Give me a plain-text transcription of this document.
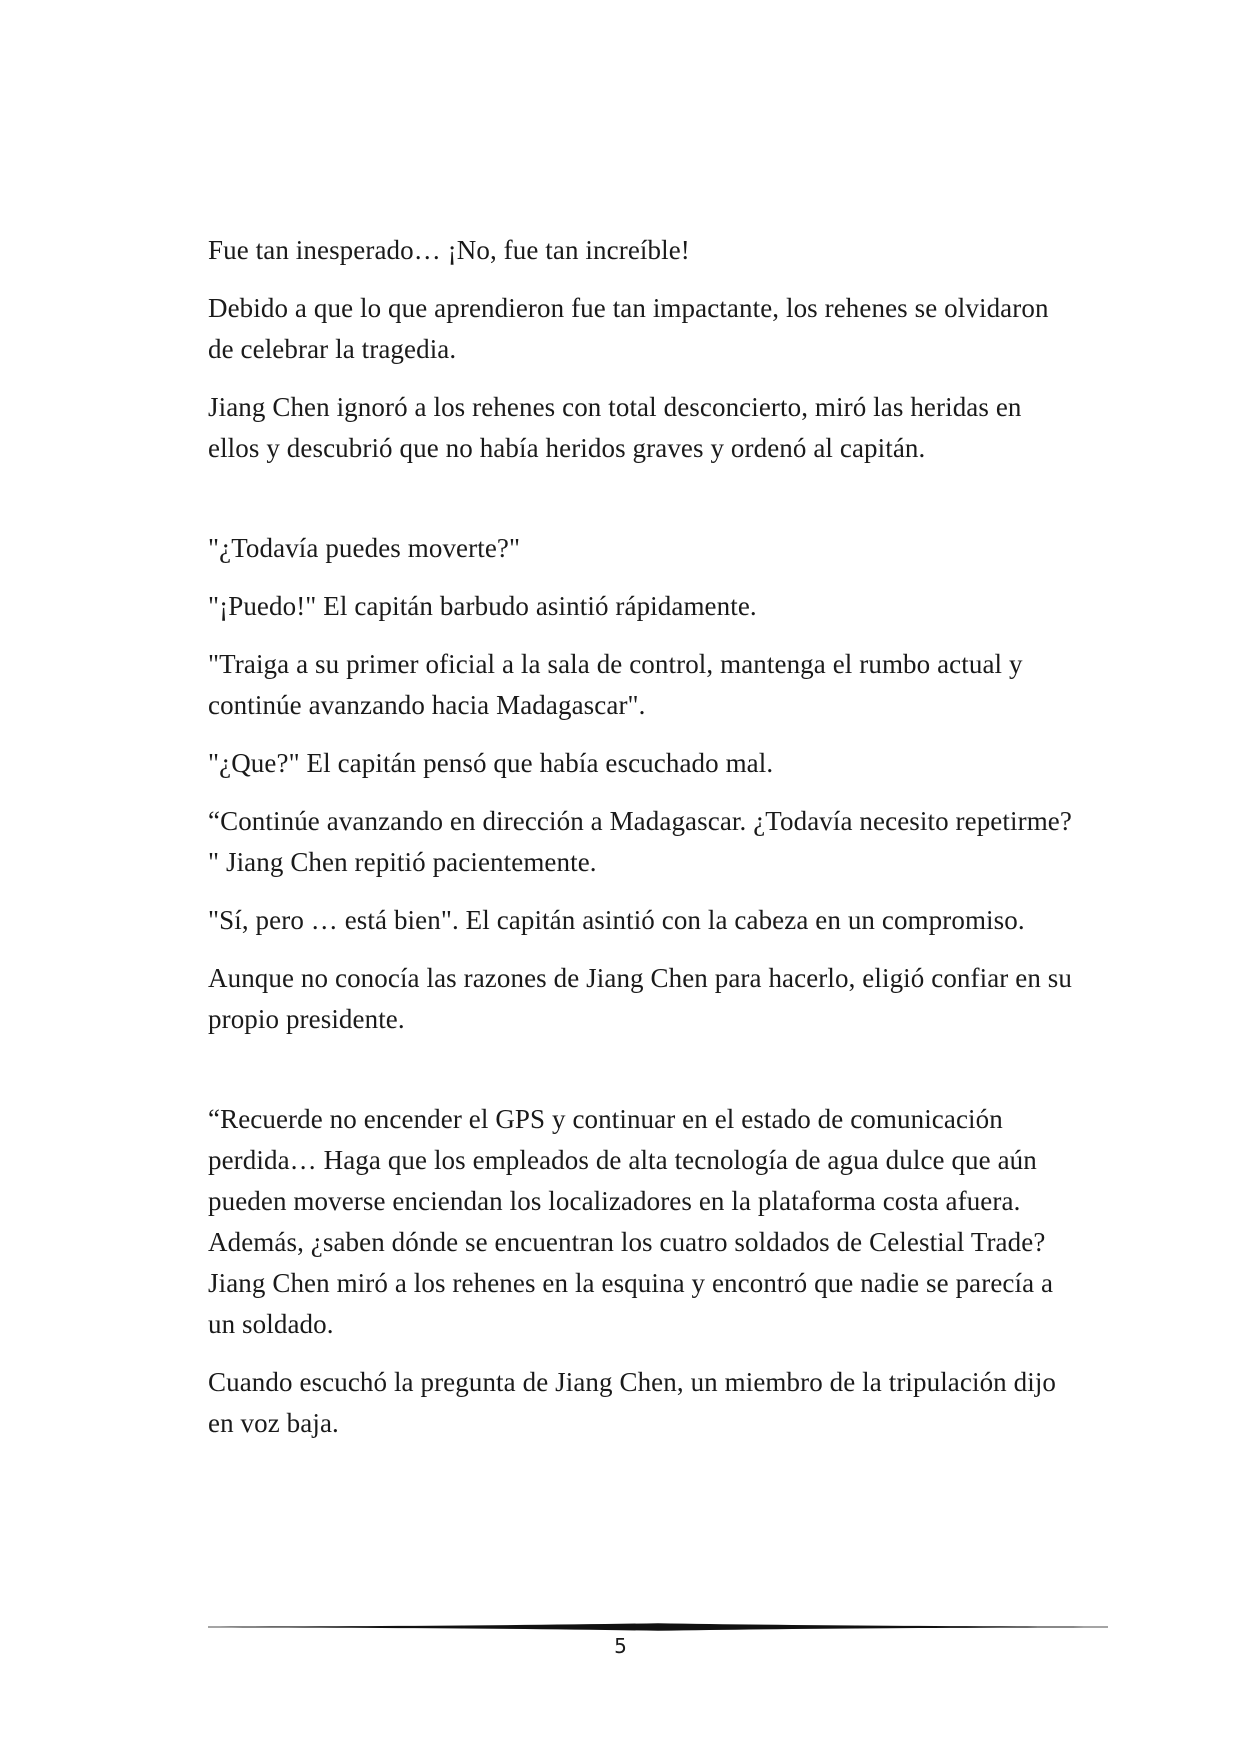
Fue tan inesperado… ¡No, fue tan increíble!

Debido a que lo que aprendieron fue tan impactante, los rehenes se olvidaron de celebrar la tragedia.

Jiang Chen ignoró a los rehenes con total desconcierto, miró las heridas en ellos y descubrió que no había heridos graves y ordenó al capitán.

"¿Todavía puedes moverte?"

"¡Puedo!" El capitán barbudo asintió rápidamente.

"Traiga a su primer oficial a la sala de control, mantenga el rumbo actual y continúe avanzando hacia Madagascar".

"¿Que?" El capitán pensó que había escuchado mal.

“Continúe avanzando en dirección a Madagascar. ¿Todavía necesito repetirme? " Jiang Chen repitió pacientemente.

"Sí, pero … está bien". El capitán asintió con la cabeza en un compromiso.

Aunque no conocía las razones de Jiang Chen para hacerlo, eligió confiar en su propio presidente.

“Recuerde no encender el GPS y continuar en el estado de comunicación perdida… Haga que los empleados de alta tecnología de agua dulce que aún pueden moverse enciendan los localizadores en la plataforma costa afuera. Además, ¿saben dónde se encuentran los cuatro soldados de Celestial Trade? Jiang Chen miró a los rehenes en la esquina y encontró que nadie se parecía a un soldado.

Cuando escuchó la pregunta de Jiang Chen, un miembro de la tripulación dijo en voz baja.

5
